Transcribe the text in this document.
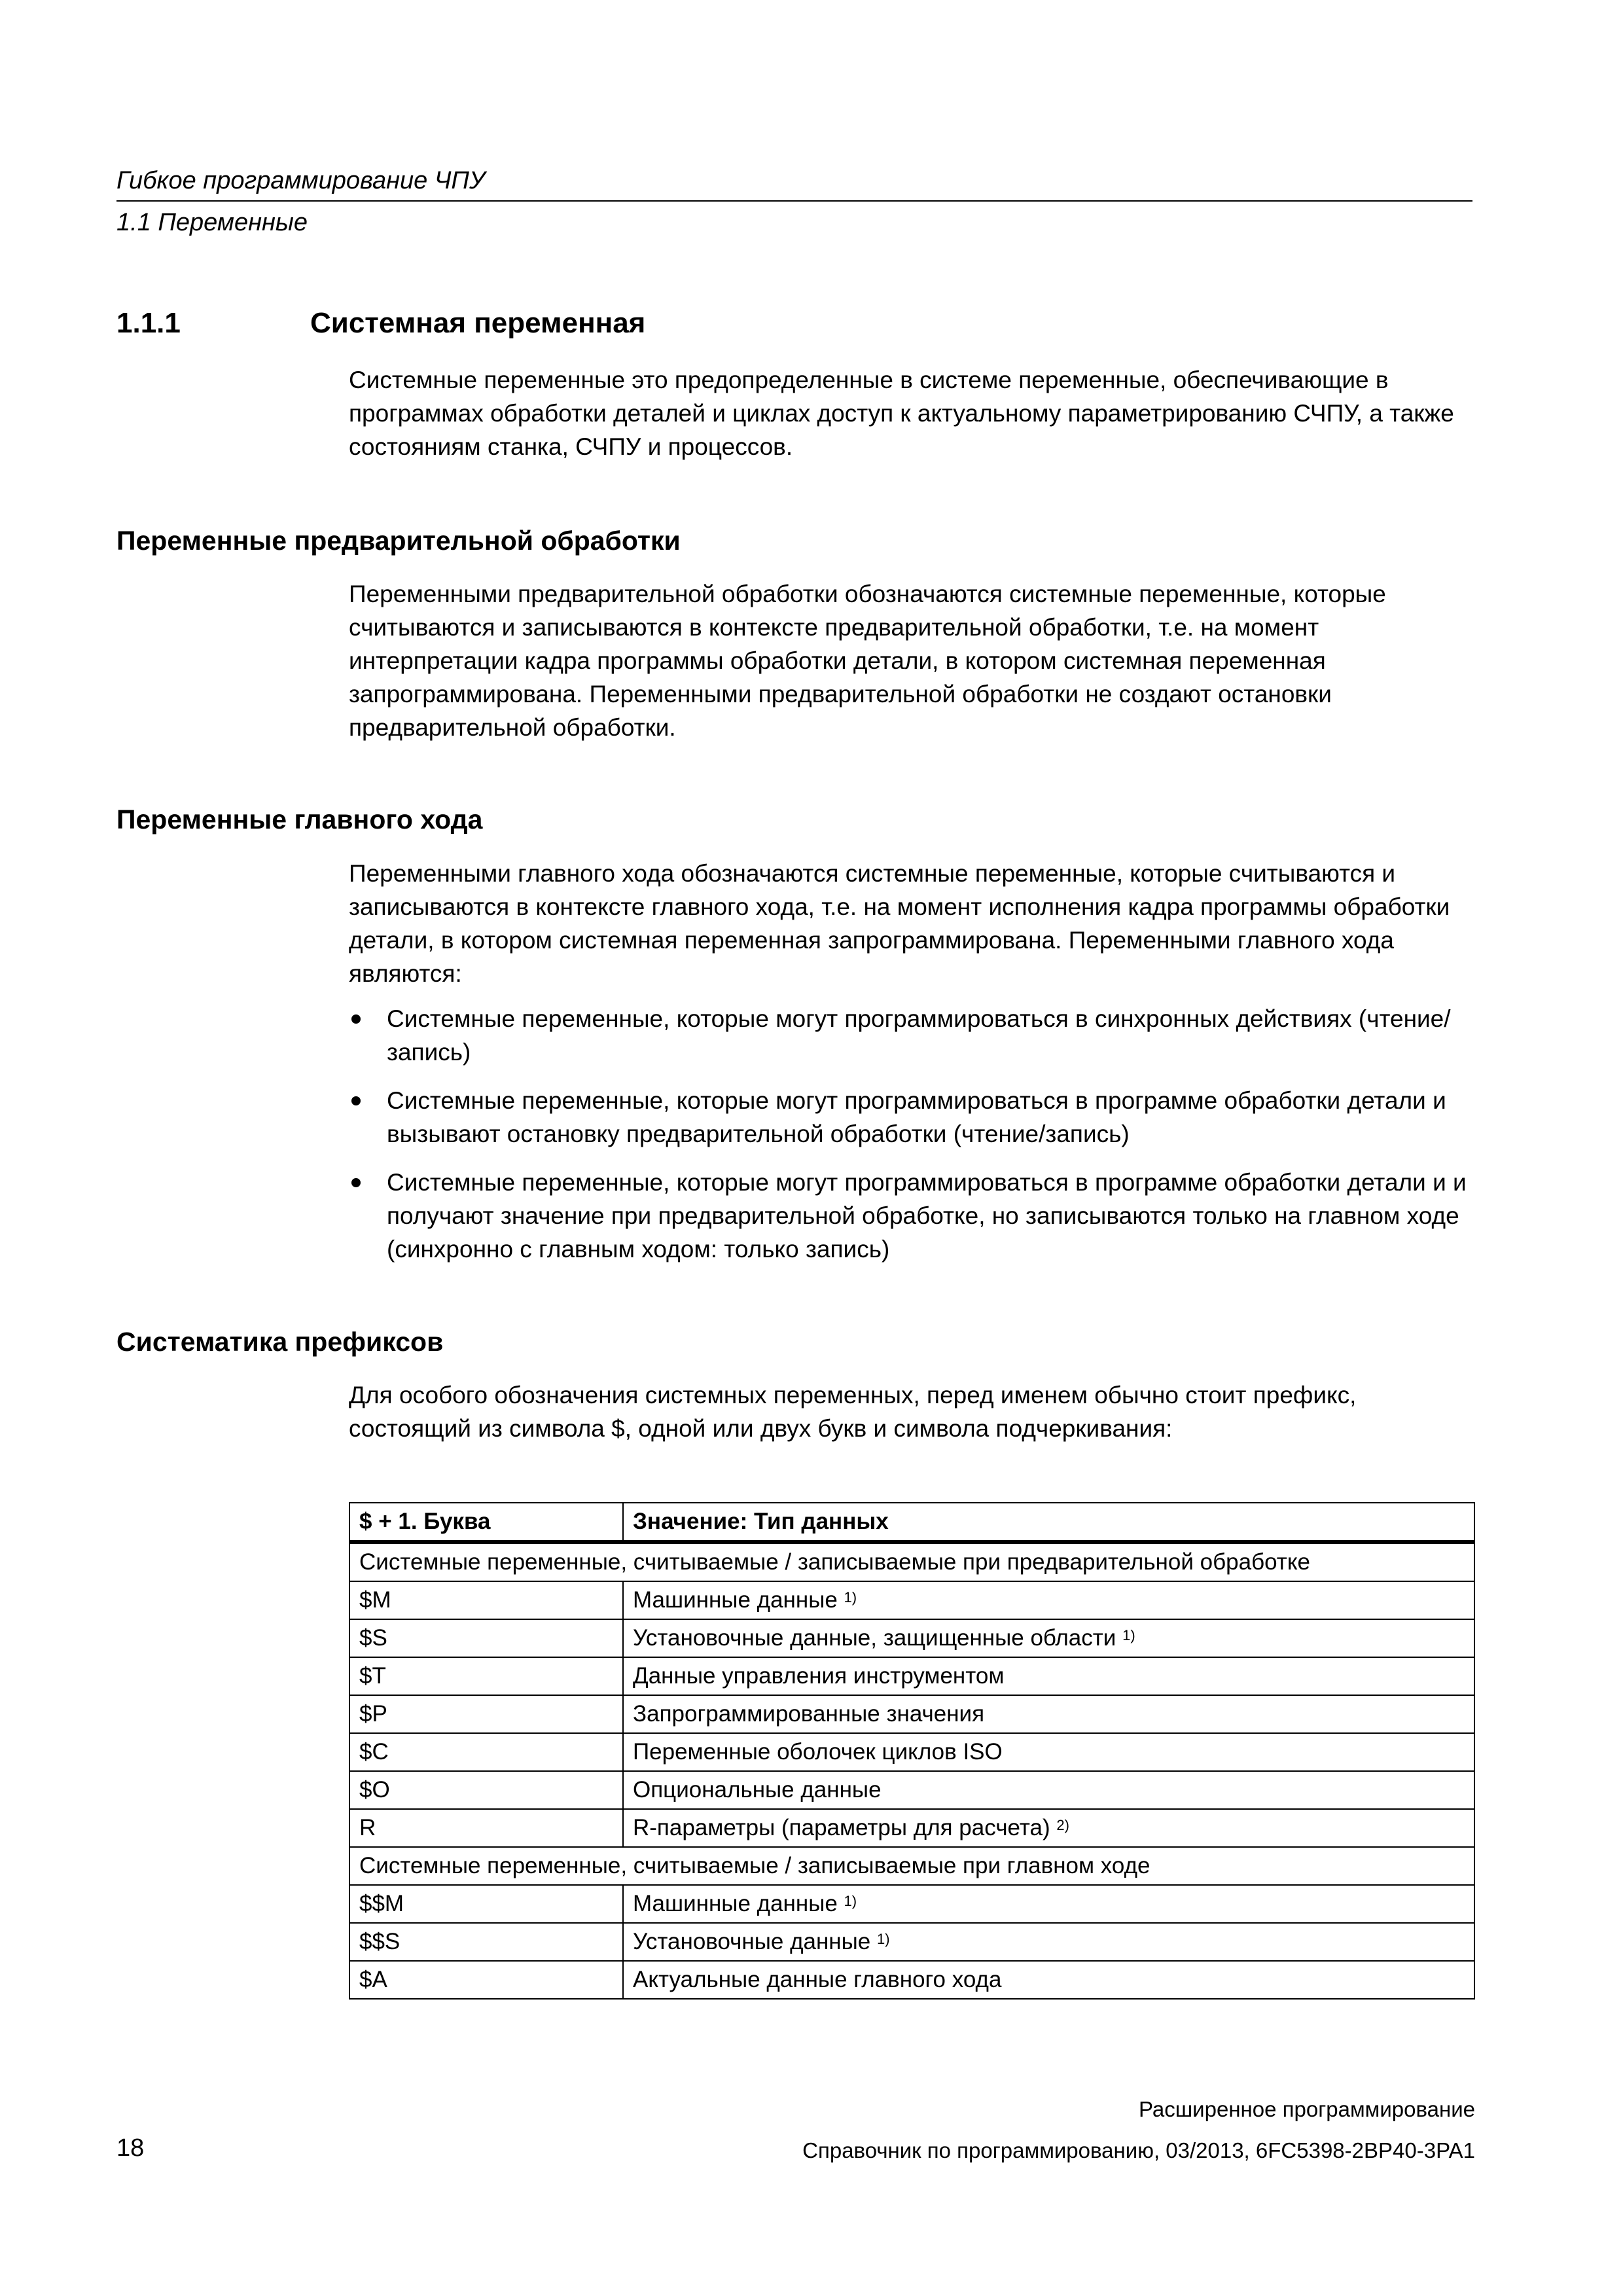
Гибкое программирование ЧПУ
1.1 Переменные
1.1.1	Системная переменная

Системные переменные это предопределенные в системе переменные, обеспечивающие в программах обработки деталей и циклах доступ к актуальному параметрированию СЧПУ, а также состояниям станка, СЧПУ и процессов.

Переменные предварительной обработки

Переменными предварительной обработки обозначаются системные переменные, которые считываются и записываются в контексте предварительной обработки, т.е. на момент интерпретации кадра программы обработки детали, в котором системная переменная запрограммирована. Переменными предварительной обработки не создают остановки предварительной обработки.

Переменные главного хода

Переменными главного хода обозначаются системные переменные, которые считываются и записываются в контексте главного хода, т.е. на момент исполнения кадра программы обработки детали, в котором системная переменная запрограммирована. Переменными главного хода являются:

Системные переменные, которые могут программироваться в синхронных действиях (чтение/запись)
Системные переменные, которые могут программироваться в программе обработки детали и вызывают остановку предварительной обработки (чтение/запись)
Системные переменные, которые могут программироваться в программе обработки детали и и получают значение при предварительной обработке, но записываются только на главном ходе (синхронно с главным ходом: только запись)
Систематика префиксов

Для особого обозначения системных переменных, перед именем обычно стоит префикс, состоящий из символа $, одной или двух букв и символа подчеркивания:

$ + 1. Буква	Значение: Тип данных
Системные переменные, считываемые / записываемые при предварительной обработке	
$M	Машинные данные $^{1)}$
$S	Установочные данные, защищенные области $^{1)}$
$T	Данные управления инструментом
$P	Запрограммированные значения
$C	Переменные оболочек циклов ISO
$O	Опциональные данные
R	R-параметры (параметры для расчета) $^{2)}$
Системные переменные, считываемые / записываемые при главном ходе	
$$M	Машинные данные $^{1)}$
$$S	Установочные данные $^{1)}$
$A	Актуальные данные главного хода
Расширенное программирование
18	Справочник по программированию, 03/2013, 6FC5398-2BP40-3PA1
